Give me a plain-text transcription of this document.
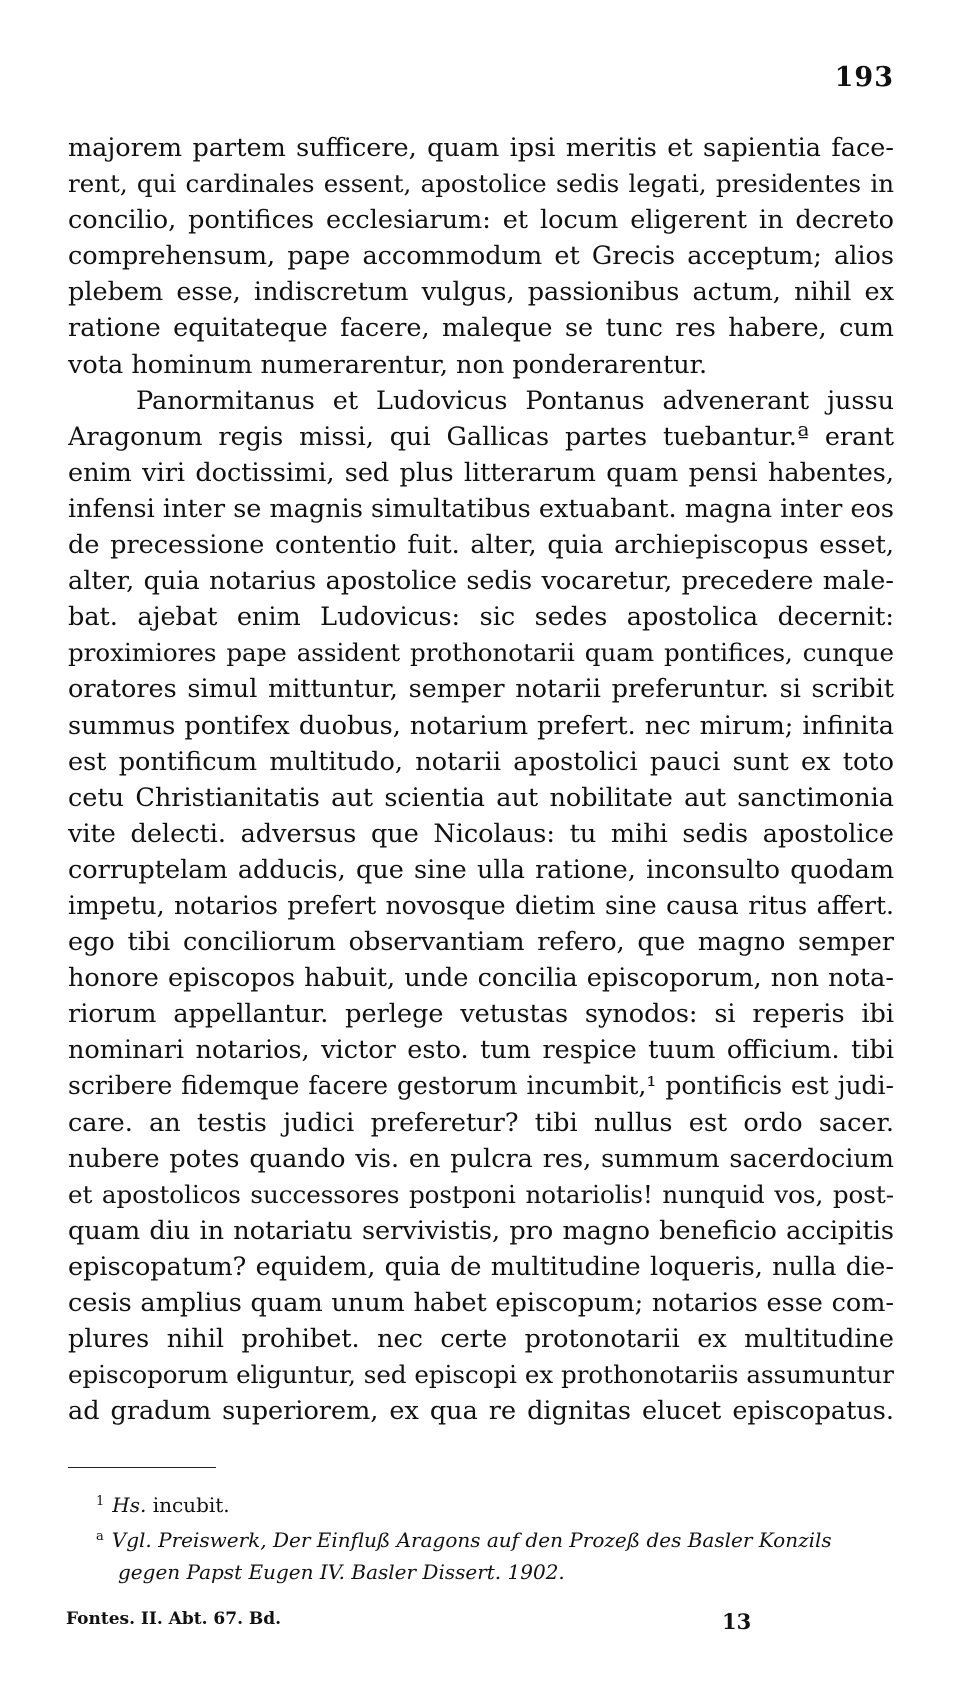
193
majorem partem sufficere, quam ipsi meritis et sapientia face-
rent, qui cardinales essent, apostolice sedis legati, presidentes in
concilio, pontifices ecclesiarum: et locum eligerent in decreto
comprehensum, pape accommodum et Grecis acceptum; alios
plebem esse, indiscretum vulgus, passionibus actum, nihil ex
ratione equitateque facere, maleque se tunc res habere, cum
vota hominum numerarentur, non ponderarentur.
Panormitanus et Ludovicus Pontanus advenerant jussu
Aragonum regis missi, qui Gallicas partes tuebantur.ª erant
enim viri doctissimi, sed plus litterarum quam pensi habentes,
infensi inter se magnis simultatibus extuabant. magna inter eos
de precessione contentio fuit. alter, quia archiepiscopus esset,
alter, quia notarius apostolice sedis vocaretur, precedere male-
bat. ajebat enim Ludovicus: sic sedes apostolica decernit:
proximiores pape assident prothonotarii quam pontifices, cunque
oratores simul mittuntur, semper notarii preferuntur. si scribit
summus pontifex duobus, notarium prefert. nec mirum; infinita
est pontificum multitudo, notarii apostolici pauci sunt ex toto
cetu Christianitatis aut scientia aut nobilitate aut sanctimonia
vite delecti. adversus que Nicolaus: tu mihi sedis apostolice
corruptelam adducis, que sine ulla ratione, inconsulto quodam
impetu, notarios prefert novosque dietim sine causa ritus affert.
ego tibi conciliorum observantiam refero, que magno semper
honore episcopos habuit, unde concilia episcoporum, non nota-
riorum appellantur. perlege vetustas synodos: si reperis ibi
nominari notarios, victor esto. tum respice tuum officium. tibi
scribere fidemque facere gestorum incumbit,¹ pontificis est judi-
care. an testis judici preferetur? tibi nullus est ordo sacer.
nubere potes quando vis. en pulcra res, summum sacerdocium
et apostolicos successores postponi notariolis! nunquid vos, post-
quam diu in notariatu servivistis, pro magno beneficio accipitis
episcopatum? equidem, quia de multitudine loqueris, nulla die-
cesis amplius quam unum habet episcopum; notarios esse com-
plures nihil prohibet. nec certe protonotarii ex multitudine
episcoporum eliguntur, sed episcopi ex prothonotariis assumuntur
ad gradum superiorem, ex qua re dignitas elucet episcopatus.
$^1$ Hs. incubit.
$^a$ Vgl. Preiswerk, Der Einfluß Aragons auf den Prozeß des Basler Konzils
gegen Papst Eugen IV. Basler Dissert. 1902.
Fontes. II. Abt. 67. Bd.	13
